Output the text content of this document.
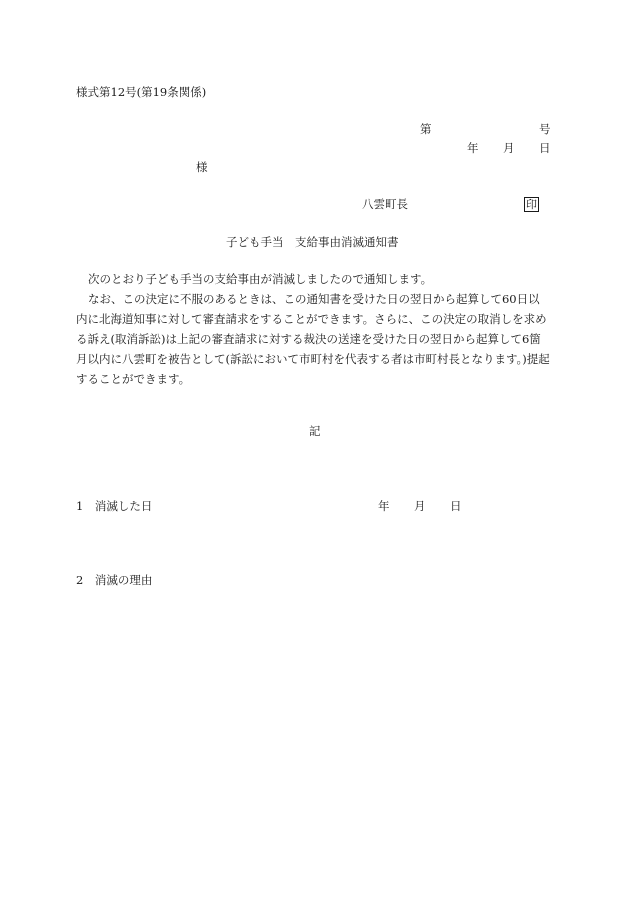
様式第12号(第19条関係)
第	号
年 月 日
様
八雲町長	印
子ども手当　支給事由消滅通知書
次のとおり子ども手当の支給事由が消滅しましたので通知します。
なお、この決定に不服のあるときは、この通知書を受けた日の翌日から起算して60日以内に北海道知事に対して審査請求をすることができます。さらに、この決定の取消しを求める訴え(取消訴訟)は上記の審査請求に対する裁決の送達を受けた日の翌日から起算して6箇月以内に八雲町を被告として(訴訟において市町村を代表する者は市町村長となります。)提起することができます。
記
1　消滅した日	年 月 日
2　消滅の理由
